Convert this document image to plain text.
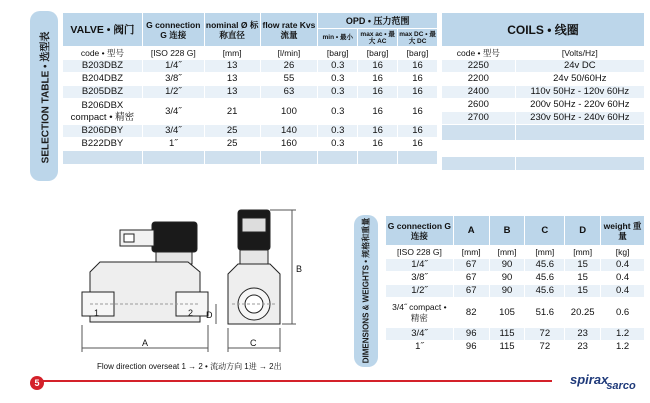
SELECTION TABLE • 选型表
VALVE • 阀门	G connection G 连接	nominal Ø 标称直径	flow rate Kvs 流量	OPD • 压力范围		

				min • 最小	max ac • 最大 AC	max DC • 最大 DC

code • 型号	[ISO 228 G]	[mm]	[l/min]	[barg]	[barg]	[barg]
B203DBZ	1/4˝	13	26	0.3	16	16
B204DBZ	3/8˝	13	55	0.3	16	16
B205DBZ	1/2˝	13	63	0.3	16	16
B206DBX compact • 精密	3/4˝	21	100	0.3	16	16
B206DBY	3/4˝	25	140	0.3	16	16
B222DBY	1˝	25	160	0.3	16	16

COILS • 线圈	
code • 型号	[Volts/Hz]
2250	24v DC
2200	24v 50/60Hz
2400	110v 50Hz - 120v 60Hz
2600	200v 50Hz - 220v 60Hz
2700	230v 50Hz - 240v 60Hz

1	2
A	C
D
B
Flow direction overseat 1 → 2 • 流动方向 1进 → 2出
DIMENSIONS & WEIGHTS • 规格和重量 G connection G 连接	A	B	C	D	weight 重量
[ISO 228 G]	[mm]	[mm]	[mm]	[mm]	[kg]
1/4˝	67	90	45.6	15	0.4
3/8˝	67	90	45.6	15	0.4
1/2˝	67	90	45.6	15	0.4
3/4˝ compact • 精密	82	105	51.6	20.25	0.6
3/4˝	96	115	72	23	1.2
1˝	96	115	72	23	1.2
5	spirax$_{sarco}$
